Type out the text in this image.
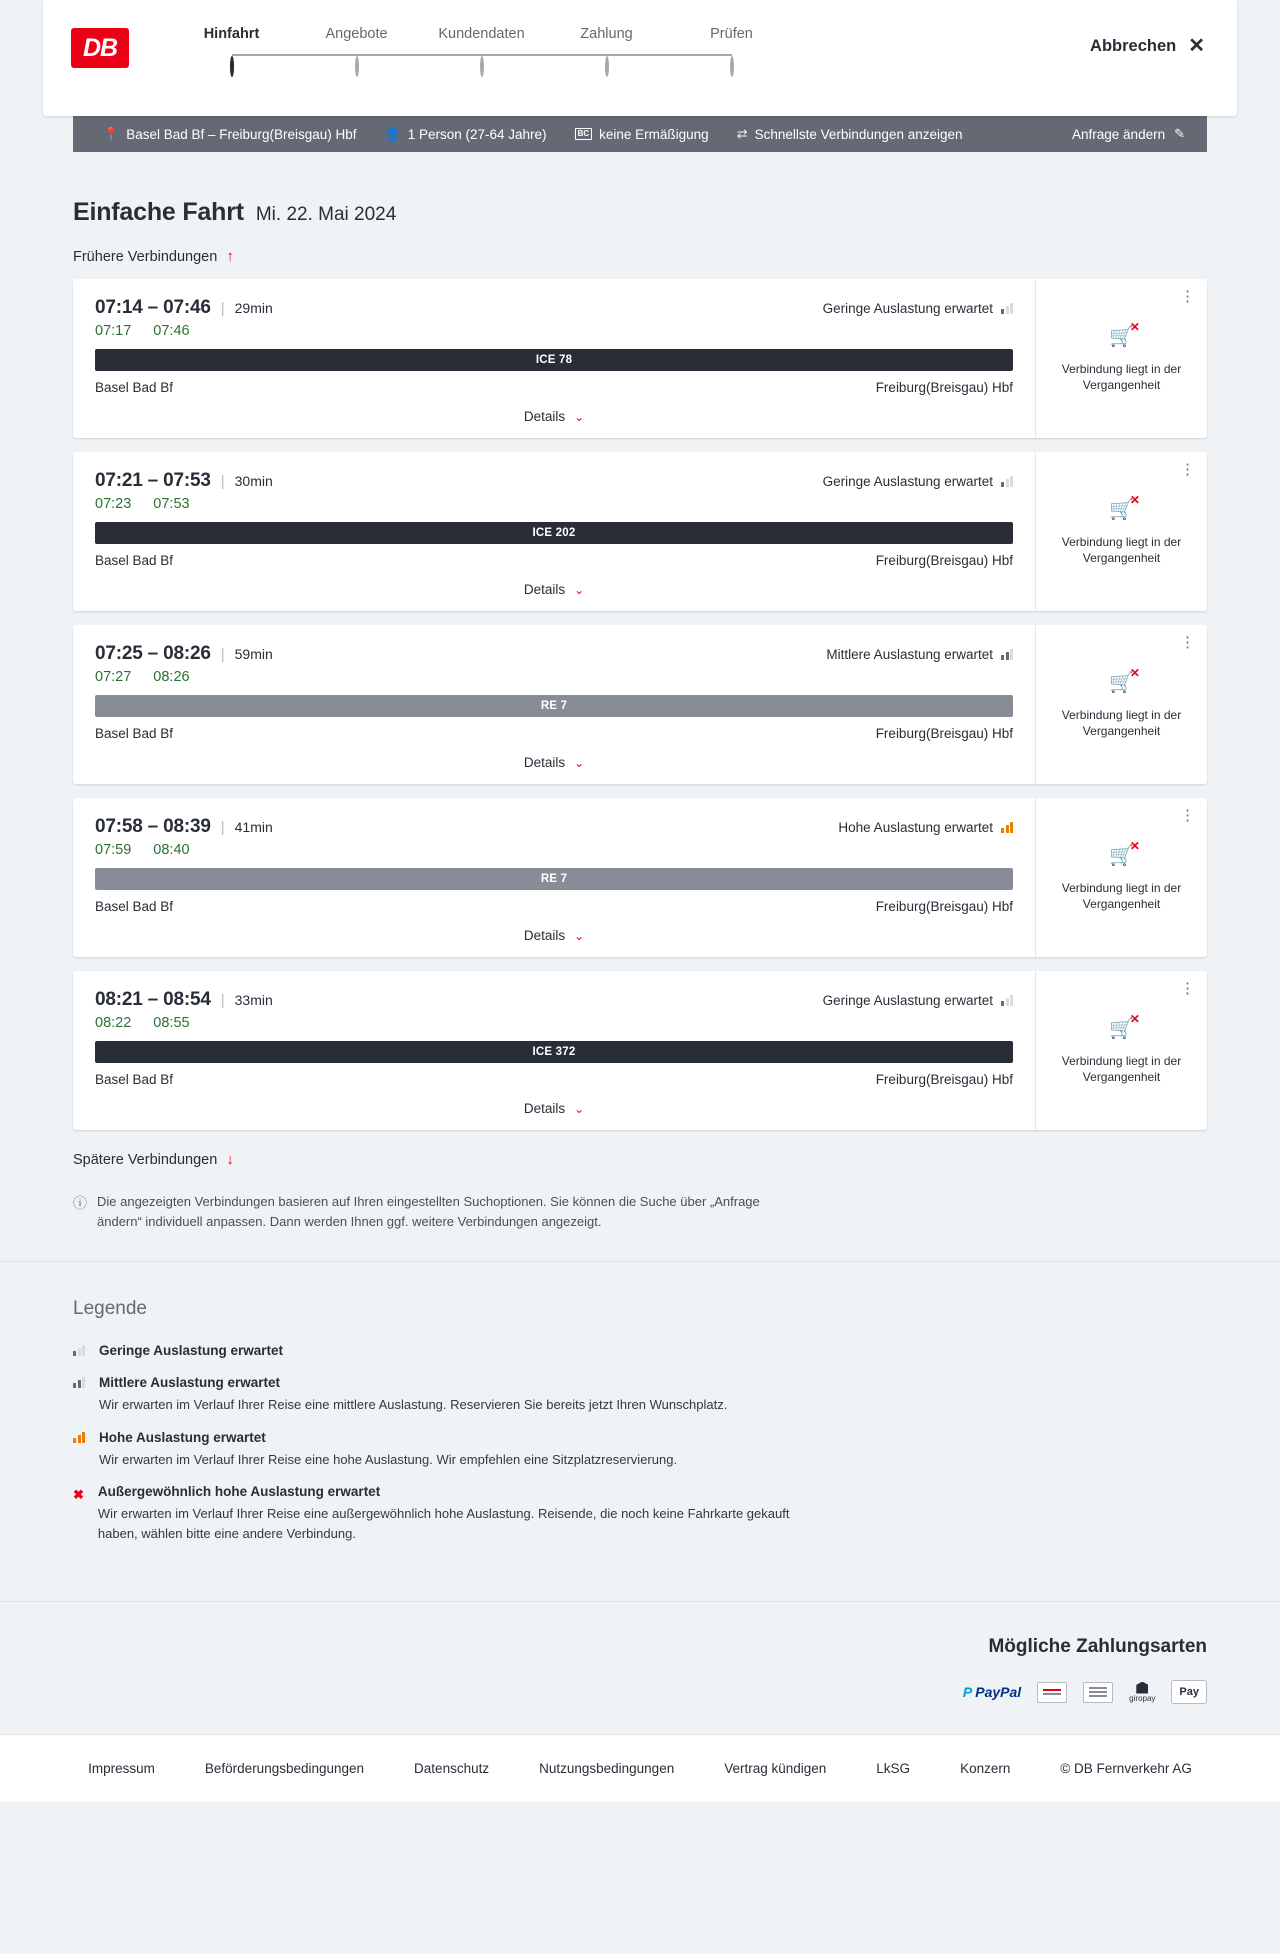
DB	Hinfahrt	Angebote	Kundendaten	Zahlung	Prüfen
Abbrechen ✕
📍 Basel Bad Bf – Freiburg(Breisgau) Hbf 👤 1 Person (27-64 Jahre)	BC keine Ermäßigung ⇄ Schnellste Verbindungen anzeigen	Anfrage ändern ✎
Einfache Fahrt Mi. 22. Mai 2024
Frühere Verbindungen ↑
07:14 – 07:46 | 29min	Geringe Auslastung erwartet
07:17 07:46
ICE 78
Basel Bad Bf	Freiburg(Breisgau) Hbf
Details ⌄
⋮
🛒
✕
Verbindung liegt in der Vergangenheit
07:21 – 07:53 | 30min	Geringe Auslastung erwartet
07:23 07:53
ICE 202
Basel Bad Bf	Freiburg(Breisgau) Hbf
Details ⌄
⋮
🛒
✕
Verbindung liegt in der Vergangenheit
07:25 – 08:26 | 59min	Mittlere Auslastung erwartet
07:27 08:26
RE 7
Basel Bad Bf	Freiburg(Breisgau) Hbf
Details ⌄
⋮
🛒
✕
Verbindung liegt in der Vergangenheit
07:58 – 08:39 | 41min	Hohe Auslastung erwartet
07:59 08:40
RE 7
Basel Bad Bf	Freiburg(Breisgau) Hbf
Details ⌄
⋮
🛒
✕
Verbindung liegt in der Vergangenheit
08:21 – 08:54 | 33min	Geringe Auslastung erwartet
08:22 08:55
ICE 372
Basel Bad Bf	Freiburg(Breisgau) Hbf
Details ⌄
⋮
🛒
✕
Verbindung liegt in der Vergangenheit
Spätere Verbindungen ↓
ⓘ Die angezeigten Verbindungen basieren auf Ihren eingestellten Suchoptionen. Sie können die Suche über „Anfrage ändern“ individuell anpassen. Dann werden Ihnen ggf. weitere Verbindungen angezeigt.
Legende
Geringe Auslastung erwartet
Mittlere Auslastung erwartet
Wir erwarten im Verlauf Ihrer Reise eine mittlere Auslastung. Reservieren Sie bereits jetzt Ihren Wunschplatz.
Hohe Auslastung erwartet
Wir erwarten im Verlauf Ihrer Reise eine hohe Auslastung. Wir empfehlen eine Sitzplatzreservierung.
✖ Außergewöhnlich hohe Auslastung erwartet
Wir erwarten im Verlauf Ihrer Reise eine außergewöhnlich hohe Auslastung. Reisende, die noch keine Fahrkarte gekauft haben, wählen bitte eine andere Verbindung.
Mögliche Zahlungsarten
P PayPal	giropay Pay
Impressum	Beförderungsbedingungen	Datenschutz	Nutzungsbedingungen	Vertrag kündigen	LkSG	Konzern	© DB Fernverkehr AG
